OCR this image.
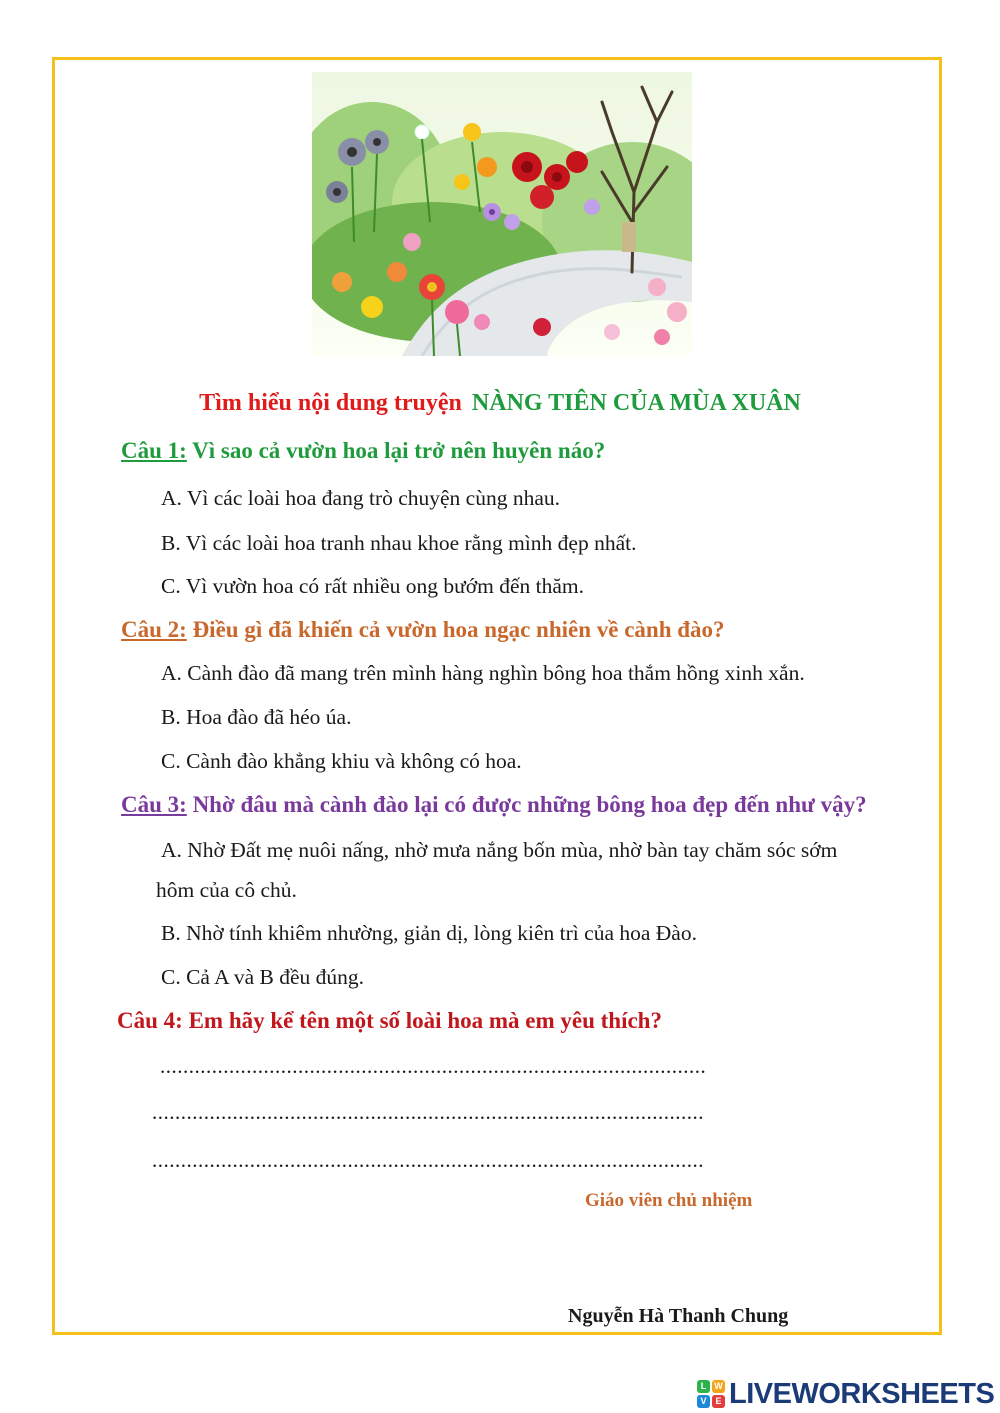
Tìm hiểu nội dung truyện NÀNG TIÊN CỦA MÙA XUÂN
Câu 1: Vì sao cả vườn hoa lại trở nên huyên náo?
A. Vì các loài hoa đang trò chuyện cùng nhau.
B. Vì các loài hoa tranh nhau khoe rằng mình đẹp nhất.
C. Vì vườn hoa có rất nhiều ong bướm đến thăm.
Câu 2: Điều gì đã khiến cả vườn hoa ngạc nhiên về cành đào?
A. Cành đào đã mang trên mình hàng nghìn bông hoa thắm hồng xinh xắn.
B. Hoa đào đã héo úa.
C. Cành đào khẳng khiu và không có hoa.
Câu 3: Nhờ đâu mà cành đào lại có được những bông hoa đẹp đến như vậy?
A. Nhờ Đất mẹ nuôi nấng, nhờ mưa nắng bốn mùa, nhờ bàn tay chăm sóc sớm
hôm của cô chủ.
B. Nhờ tính khiêm nhường, giản dị, lòng kiên trì của hoa Đào.
C. Cả A và B đều đúng.
Câu 4: Em hãy kể tên một số loài hoa mà em yêu thích?
...............................................................................................
................................................................................................
................................................................................................
Giáo viên chủ nhiệm
Nguyễn Hà Thanh Chung
L W
V E LIVEWORKSHEETS
